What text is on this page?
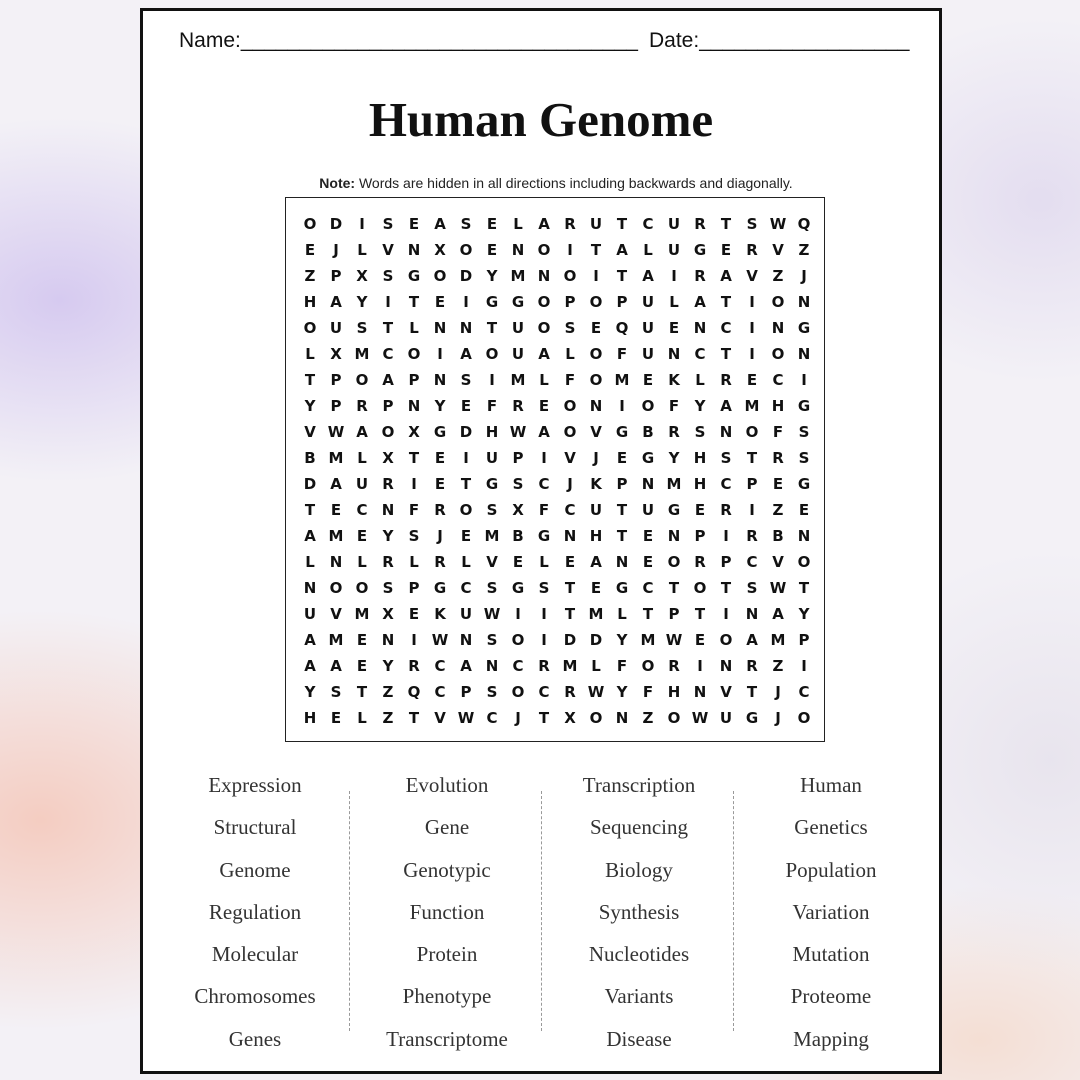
Name:__________________________________ Date:__________________
Human Genome
Note: Words are hidden in all directions including backwards and diagonally.
O D	I	S	E	A S	E	L	A R U T	C U R	T	S W Q
E	J	L	V N X O E N O	I	T	A	L	U G E	R V Z
Z	P X S G O D Y M N O	I	T	A	I	R A V Z	J
H A Y	I	T	E	I	G G O P O P U	L	A	T	I	O N
O U S	T	L N N T U O S	E Q U E N C	I	N G
L	X M C O	I	A O U A	L O F U N C	T	I	O N
T	P O A P N S	I	M L	F O M E	K	L	R	E	C	I
Y	P R P N Y	E	F	R	E O N	I	O F	Y A M H G
V W A O X G D H W A O V G B R S N O F	S
B M L	X	T	E	I	U P	I	V	J	E G Y H S	T	R S
D A U R	I	E	T G S	C	J	K P N M H C	P	E G
T	E	C N F	R O S X	F	C U T U G E	R	I	Z	E
A M E	Y	S	J	E M B G N H T	E N P	I	R B N
L N L	R	L	R	L	V	E	L	E	A N E O R P C V O
N O O S	P G C	S G S	T	E G C	T O T	S W T
U V M X	E	K U W I	I	T M L	T	P	T	I	N A Y
A M E N	I W N S O	I	D D Y M W E O A M P
A A	E	Y R C A N C R M L	F O R	I	N R Z	I
Y	S	T	Z Q C	P	S O C R W Y	F H N V	T	J	C
H E	L	Z	T	V W C	J	T	X O N Z O W U G	J	O
Expression
Structural
Genome
Regulation
Molecular
Chromosomes
Genes
Evolution
Gene
Genotypic
Function
Protein
Phenotype
Transcriptome
Transcription
Sequencing
Biology
Synthesis
Nucleotides
Variants
Disease
Human
Genetics
Population
Variation
Mutation
Proteome
Mapping
